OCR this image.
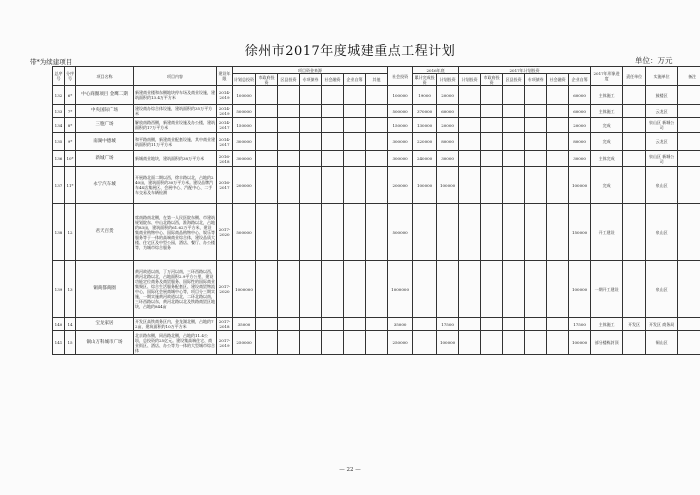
徐州市2017年度城建重点工程计划
带*为续建项目	单位：万元
总序号	分序号	项目名称	项目内容	建设年限	项目资金来源							社会投资	2016年底		2017年计划投资						2017年形象进度	责任单位	实施单位	备注
					计划总投资	市政府投资	区县投资	专项债券	社会融资	企业自筹	其他		累计完成投资	计划投资	计划投资	市政府投资	区县投资	专项债券	社会融资	企业自筹				
132	6*	中心商圈项目 金鹰二期	新建商业楼和东侧地块停车场及商业设施，建筑面积约13.4万平方米	2014-2019	100000							100000	19000	20000						60000	主体施工		鼓楼区	
133	7*	中央国际广场	建设商办综合体设施，建筑面积约35万平方米	2014-2019	500000							500000	370000	60000						60000	主体施工		云龙区	
134	8*	三胞广场	解放南路西侧，新建商业设施及办公楼，建筑面积约17万平方米	2014-2017	150000							150000	130000	20000						20000	完成		泉山区 新城公司	
135	9*	南湖中德城	和平路南侧，新建商业配套设施，其中商业建筑面积约11万平方米	2014-2017	300000							300000	220000	80000						80000	完成		云龙区	
136	10*	新城广场	新城商业地块，建筑面积约38万平方米	2016-2018	300000							300000	240000	30000						30000	主体完成		泉山区 新城公司	
137	11*	永宁汽车城	开展路北面二期以西，徐丰路以北，占地约240亩，建筑面积约30万平方米。建设品牌汽车4S店集展区、会展中心、汽配中心、二手车交易及车辆检测	2016-2017	200000							200000	100000	100000						100000	完成		泉山区	
138	12	君天百货	席南路南北侧，在第一人民医院东侧、市建筑规划院东、中山北路以西，淮海路以北，占地约83亩，建筑面积约61.62万平方米，建设集商业购物中心、国际商品购物中心、娱乐等服务等于一体的高端商业综合体，建设品质大楼、住宅区及中型公园，酒店、餐厅、办公楼等，为城市综合服务	2017-2020	500000							500000								150000	开工建设		泉山区	
139	13	铜商都商圈	黄河故道以南，丁万河以南，三环西路以西，黄河北路以北，占地面积2.9平方公里，建设功能定位商务及商贸服务、国际性的国际商业集聚区、综合生活服务配套区、建设商贸物流中心，国际化会展商城中心等，项目分三期实施，一期实施黄河故道以北，二环北路以南，三环西路以东，黄河北路以北及铁路商贸区地块，占地约844亩	2017-2020	1000000							1000000								100000	一期开工建设		泉山区	
140	14	宝龙家居	开发区高铁商务区内，金龙湖北侧，占地约72亩，建筑面积约10万平方米	2017-2018	35000							35000		17500						17500	主体施工	开发区	开发区 商务局	
141	15	铜山万科城市广场	北京路东侧，同昌路北侧，占地约11.4公顷，总投资约25亿元。建设集高端住宅、商业街区、酒店、办公等为一体的大型城市综合体	2017-2019	250000							250000		100000						100000	部分楼栋封顶		铜山区	
— 22 —
